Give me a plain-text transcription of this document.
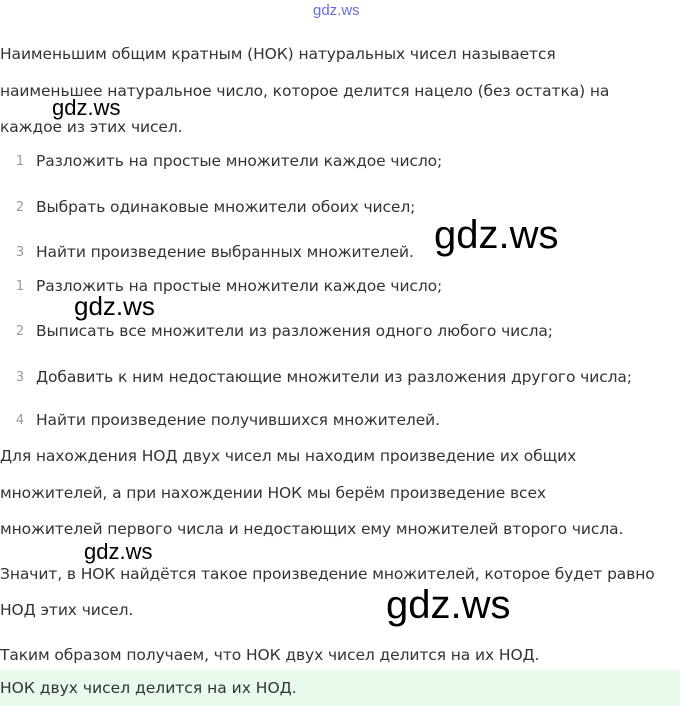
gdz.ws
Наименьшим общим кратным (НОК) натуральных чисел называется
наименьшее натуральное число, которое делится нацело (без остатка) на
каждое из этих чисел.
1 Разложить на простые множители каждое число;
2 Выбрать одинаковые множители обоих чисел;
3 Найти произведение выбранных множителей.
1 Разложить на простые множители каждое число;
2 Выписать все множители из разложения одного любого числа;
3 Добавить к ним недостающие множители из разложения другого числа;
4 Найти произведение получившихся множителей.
Для нахождения НОД двух чисел мы находим произведение их общих
множителей, а при нахождении НОК мы берём произведение всех
множителей первого числа и недостающих ему множителей второго числа.
Значит, в НОК найдётся такое произведение множителей, которое будет равно
НОД этих чисел.
Таким образом получаем, что НОК двух чисел делится на их НОД.
НОК двух чисел делится на их НОД.
gdz.ws
gdz.ws
gdz.ws
gdz.ws
gdz.ws
